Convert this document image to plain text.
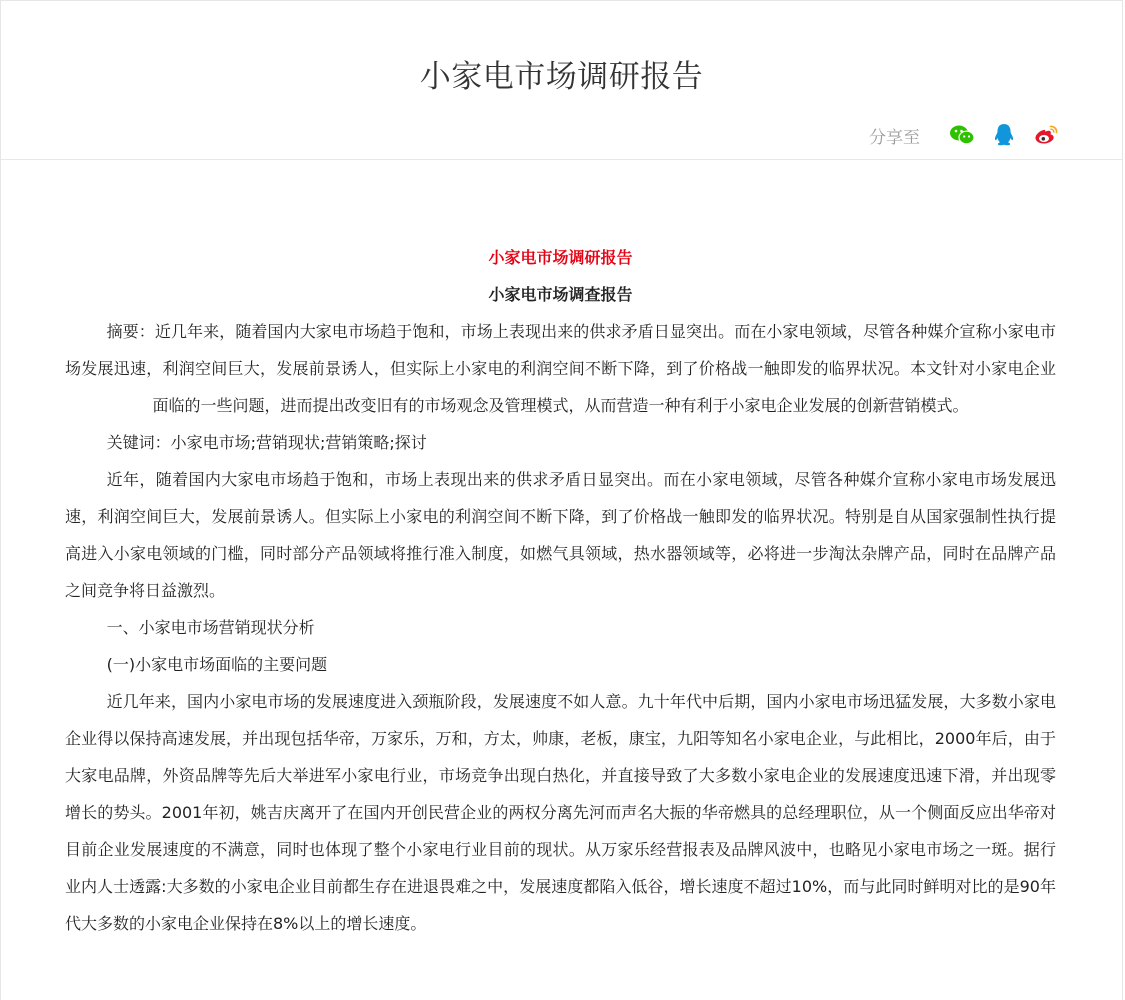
小家电市场调研报告
分享至
小家电市场调研报告
小家电市场调查报告

摘要：近几年来，随着国内大家电市场趋于饱和，市场上表现出来的供求矛盾日显突出。而在小家电领域，尽管各种媒介宣称小家电市场发展迅速，利润空间巨大，发展前景诱人，但实际上小家电的利润空间不断下降，到了价格战一触即发的临界状况。本文针对小家电企业面临的一些问题，进而提出改变旧有的市场观念及管理模式，从而营造一种有利于小家电企业发展的创新营销模式。

关键词：小家电市场;营销现状;营销策略;探讨

近年，随着国内大家电市场趋于饱和，市场上表现出来的供求矛盾日显突出。而在小家电领域，尽管各种媒介宣称小家电市场发展迅速，利润空间巨大，发展前景诱人。但实际上小家电的利润空间不断下降，到了价格战一触即发的临界状况。特别是自从国家强制性执行提高进入小家电领域的门槛，同时部分产品领域将推行准入制度，如燃气具领域，热水器领域等，必将进一步淘汰杂牌产品，同时在品牌产品之间竞争将日益激烈。

一、小家电市场营销现状分析

(一)小家电市场面临的主要问题

近几年来，国内小家电市场的发展速度进入颈瓶阶段，发展速度不如人意。九十年代中后期，国内小家电市场迅猛发展，大多数小家电企业得以保持高速发展，并出现包括华帝，万家乐，万和，方太，帅康，老板，康宝，九阳等知名小家电企业，与此相比，2000年后，由于大家电品牌，外资品牌等先后大举进军小家电行业，市场竞争出现白热化，并直接导致了大多数小家电企业的发展速度迅速下滑，并出现零增长的势头。2001年初，姚吉庆离开了在国内开创民营企业的两权分离先河而声名大振的华帝燃具的总经理职位，从一个侧面反应出华帝对目前企业发展速度的不满意，同时也体现了整个小家电行业目前的现状。从万家乐经营报表及品牌风波中，也略见小家电市场之一斑。据行业内人士透露:大多数的小家电企业目前都生存在进退畏难之中，发展速度都陷入低谷，增长速度不超过10%，而与此同时鲜明对比的是90年代大多数的小家电企业保持在8%以上的增长速度。
